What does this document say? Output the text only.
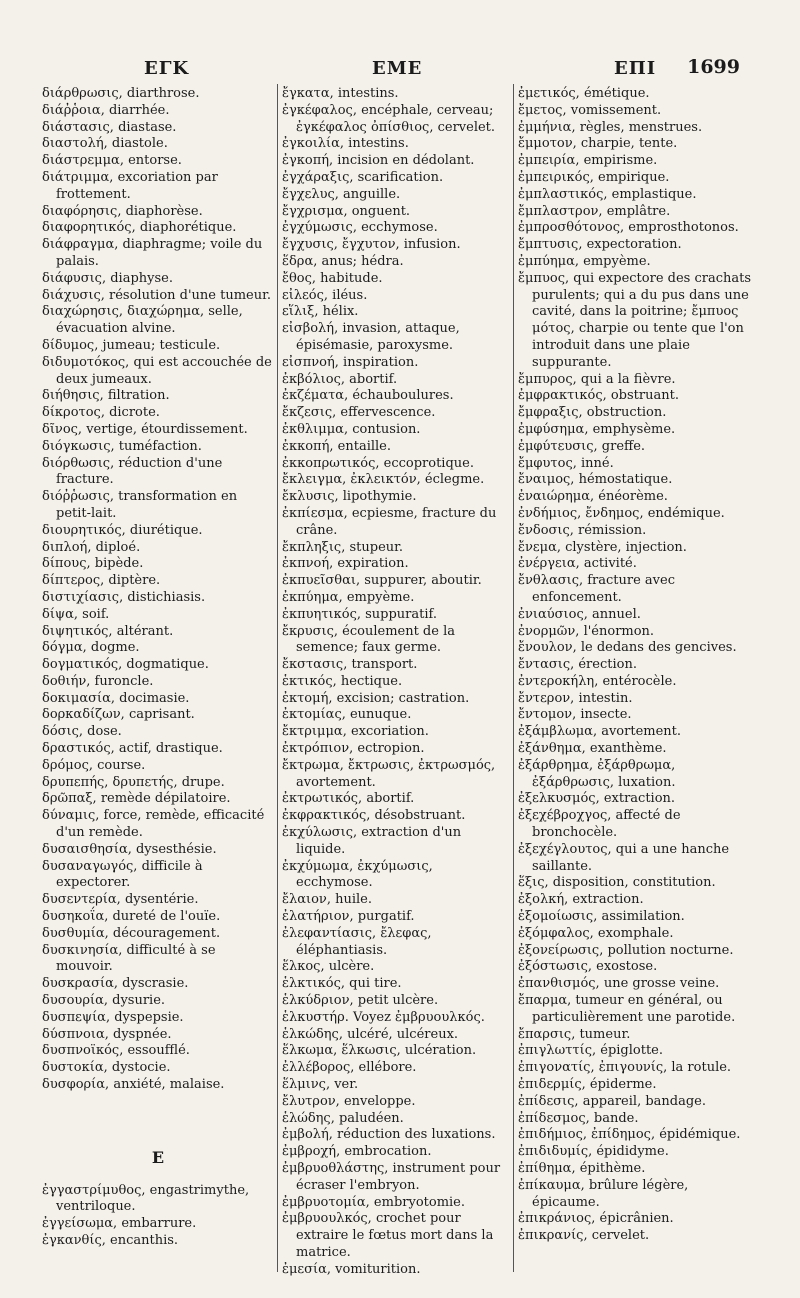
ΕΓΚ	ΕΜΕ	ΕΠΙ 1699

διάρθρωσις, diarthrose.

διάῤῥοια, diarrhée.

διάστασις, diastase.

διαστολή, diastole.

διάστρεμμα, entorse.

διάτριμμα, excoriation par frottement.

διαφόρησις, diaphorèse.

διαφορητικός, diaphorétique.

διάφραγμα, diaphragme; voile du palais.

διάφυσις, diaphyse.

διάχυσις, résolution d'une tumeur.

διαχώρησις, διαχώρημα, selle, évacuation alvine.

δίδυμος, jumeau; testicule.

διδυμοτόκος, qui est accouchée de deux jumeaux.

διήθησις, filtration.

δίκροτος, dicrote.

δῖνος, vertige, étourdissement.

διόγκωσις, tuméfaction.

διόρθωσις, réduction d'une fracture.

διόῤῥωσις, transformation en petit-lait.

διουρητικός, diurétique.

διπλοή, diploé.

δίπους, bipède.

δίπτερος, diptère.

διστιχίασις, distichiasis.

δίψα, soif.

διψητικός, altérant.

δόγμα, dogme.

δογματικός, dogmatique.

δοθιήν, furoncle.

δοκιμασία, docimasie.

δορκαδίζων, caprisant.

δόσις, dose.

δραστικός, actif, drastique.

δρόμος, course.

δρυπεπής, δρυπετής, drupe.

δρῶπαξ, remède dépilatoire.

δύναμις, force, remède, efficacité d'un remède.

δυσαισθησία, dysesthésie.

δυσαναγωγός, difficile à expectorer.

δυσεντερία, dysentérie.

δυσηκοΐα, dureté de l'ouïe.

δυσθυμία, découragement.

δυσκινησία, difficulté à se mouvoir.

δυσκρασία, dyscrasie.

δυσουρία, dysurie.

δυσπεψία, dyspepsie.

δύσπνοια, dyspnée.

δυσπνοϊκός, essoufflé.

δυστοκία, dystocie.

δυσφορία, anxiété, malaise.

E

ἐγγαστρίμυθος, engastrimythe, ventriloque.

ἐγγείσωμα, embarrure.

ἐγκανθίς, encanthis.

ἔγκατα, intestins.

ἐγκέφαλος, encéphale, cerveau; ἐγκέφαλος ὀπίσθιος, cervelet.

ἐγκοιλία, intestins.

ἐγκοπή, incision en dédolant.

ἐγχάραξις, scarification.

ἔγχελυς, anguille.

ἔγχρισμα, onguent.

ἐγχύμωσις, ecchymose.

ἔγχυσις, ἔγχυτον, infusion.

ἕδρα, anus; hédra.

ἔθος, habitude.

εἰλεός, iléus.

εἵλιξ, hélix.

εἰσβολή, invasion, attaque, épisémasie, paroxysme.

εἰσπνοή, inspiration.

ἐκβόλιος, abortif.

ἐκζέματα, échauboulures.

ἔκζεσις, effervescence.

ἐκθλιμμα, contusion.

ἐκκοπή, entaille.

ἐκκοπρωτικός, eccoprotique.

ἔκλειγμα, ἐκλεικτόν, éclegme.

ἔκλυσις, lipothymie.

ἐκπίεσμα, ecpiesme, fracture du crâne.

ἔκπληξις, stupeur.

ἐκπνοή, expiration.

ἐκπυεῖσθαι, suppurer, aboutir.

ἐκπύημα, empyème.

ἐκπυητικός, suppuratif.

ἔκρυσις, écoulement de la semence; faux germe.

ἔκστασις, transport.

ἑκτικός, hectique.

ἐκτομή, excision; castration.

ἐκτομίας, eunuque.

ἔκτριμμα, excoriation.

ἐκτρόπιον, ectropion.

ἔκτρωμα, ἔκτρωσις, ἐκτρωσμός, avortement.

ἐκτρωτικός, abortif.

ἐκφρακτικός, désobstruant.

ἐκχύλωσις, extraction d'un liquide.

ἐκχύμωμα, ἐκχύμωσις, ecchymose.

ἔλαιον, huile.

ἐλατήριον, purgatif.

ἐλεφαντίασις, ἔλεφας, éléphantiasis.

ἕλκος, ulcère.

ἑλκτικός, qui tire.

ἑλκύδριον, petit ulcère.

ἑλκυστήρ. Voyez ἐμβρυουλκός.

ἑλκώδης, ulcéré, ulcéreux.

ἕλκωμα, ἕλκωσις, ulcération.

ἐλλέβορος, ellébore.

ἕλμινς, ver.

ἔλυτρον, enveloppe.

ἑλώδης, paludéen.

ἐμβολή, réduction des luxations.

ἐμβροχή, embrocation.

ἐμβρυοθλάστης, instrument pour écraser l'embryon.

ἐμβρυοτομία, embryotomie.

ἐμβρυουλκός, crochet pour extraire le fœtus mort dans la matrice.

ἐμεσία, vomiturition.

ἐμετικός, émétique.

ἔμετος, vomissement.

ἐμμήνια, règles, menstrues.

ἔμμοτον, charpie, tente.

ἐμπειρία, empirisme.

ἐμπειρικός, empirique.

ἐμπλαστικός, emplastique.

ἔμπλαστρον, emplâtre.

ἐμπροσθότονος, emprosthotonos.

ἔμπτυσις, expectoration.

ἐμπύημα, empyème.

ἔμπυος, qui expectore des crachats purulents; qui a du pus dans une cavité, dans la poitrine; ἔμπυος μότος, charpie ou tente que l'on introduit dans une plaie suppurante.

ἔμπυρος, qui a la fièvre.

ἐμφρακτικός, obstruant.

ἔμφραξις, obstruction.

ἐμφύσημα, emphysème.

ἐμφύτευσις, greffe.

ἔμφυτος, inné.

ἔναιμος, hémostatique.

ἐναιώρημα, énéorème.

ἐνδήμιος, ἔνδημος, endémique.

ἔνδοσις, rémission.

ἔνεμα, clystère, injection.

ἐνέργεια, activité.

ἔνθλασις, fracture avec enfoncement.

ἐνιαύσιος, annuel.

ἐνορμῶν, l'énormon.

ἔνουλον, le dedans des gencives.

ἔντασις, érection.

ἐντεροκήλη, entérocèle.

ἔντερον, intestin.

ἔντομον, insecte.

ἐξάμβλωμα, avortement.

ἐξάνθημα, exanthème.

ἐξάρθρημα, ἐξάρθρωμα, ἐξάρθρωσις, luxation.

ἐξελκυσμός, extraction.

ἐξεχέβροχγος, affecté de bronchocèle.

ἐξεχέγλουτος, qui a une hanche saillante.

ἕξις, disposition, constitution.

ἐξολκή, extraction.

ἐξομοίωσις, assimilation.

ἐξόμφαλος, exomphale.

ἐξονείρωσις, pollution nocturne.

ἐξόστωσις, exostose.

ἐπανθισμός, une grosse veine.

ἔπαρμα, tumeur en général, ou particulièrement une parotide.

ἔπαρσις, tumeur.

ἐπιγλωττίς, épiglotte.

ἐπιγονατίς, ἐπιγουνίς, la rotule.

ἐπιδερμίς, épiderme.

ἐπίδεσις, appareil, bandage.

ἐπίδεσμος, bande.

ἐπιδήμιος, ἐπίδημος, épidémique.

ἐπιδιδυμίς, épididyme.

ἐπίθημα, épithème.

ἐπίκαυμα, brûlure légère, épicaume.

ἐπικράνιος, épicrânien.

ἐπικρανίς, cervelet.
